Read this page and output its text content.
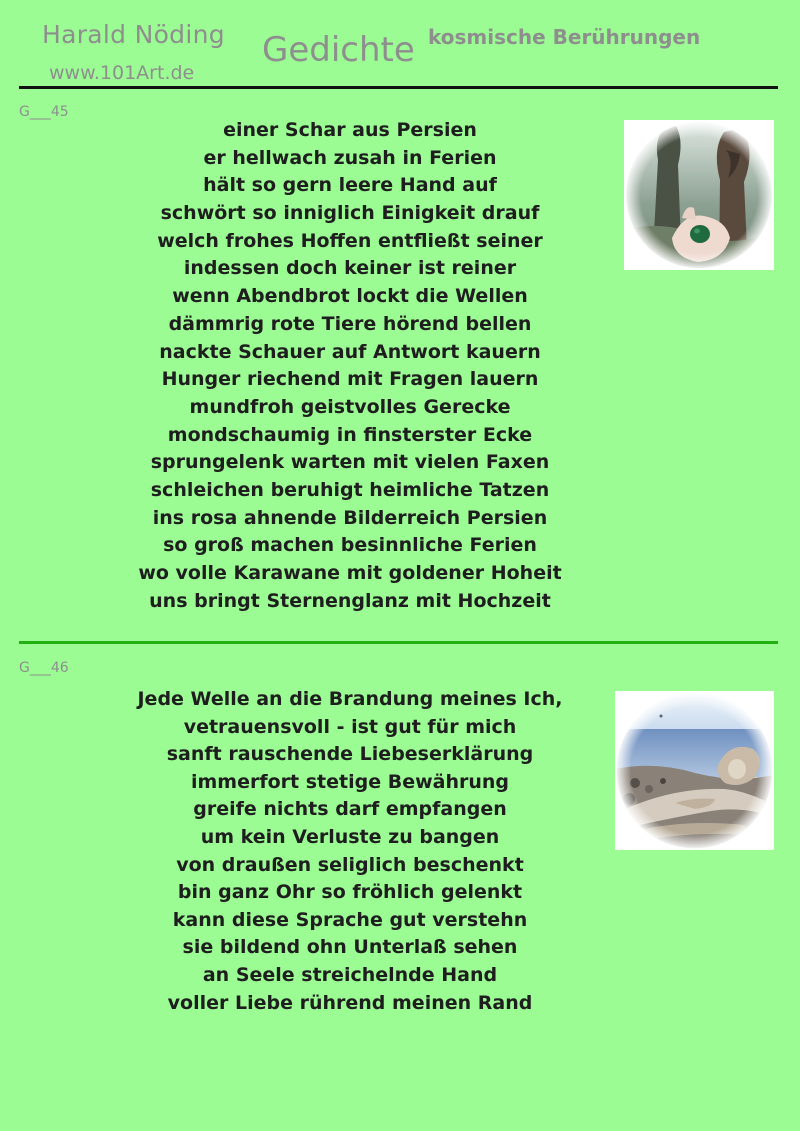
Harald Nöding
www.101Art.de
Gedichte kosmische Berührungen
G___45
einer Schar aus Persien
er hellwach zusah in Ferien
hält so gern leere Hand auf
schwört so inniglich Einigkeit drauf
welch frohes Hoffen entfließt seiner
indessen doch keiner ist reiner
wenn Abendbrot lockt die Wellen
dämmrig rote Tiere hörend bellen
nackte Schauer auf Antwort kauern
Hunger riechend mit Fragen lauern
mundfroh geistvolles Gerecke
mondschaumig in finsterster Ecke
sprungelenk warten mit vielen Faxen
schleichen beruhigt heimliche Tatzen
ins rosa ahnende Bilderreich Persien
so groß machen besinnliche Ferien
wo volle Karawane mit goldener Hoheit
uns bringt Sternenglanz mit Hochzeit
G___46
Jede Welle an die Brandung meines Ich,
vetrauensvoll - ist gut für mich
sanft rauschende Liebeserklärung
immerfort stetige Bewährung
greife nichts darf empfangen
um kein Verluste zu bangen
von draußen seliglich beschenkt
bin ganz Ohr so fröhlich gelenkt
kann diese Sprache gut verstehn
sie bildend ohn Unterlaß sehen
an Seele streichelnde Hand
voller Liebe rührend meinen Rand
